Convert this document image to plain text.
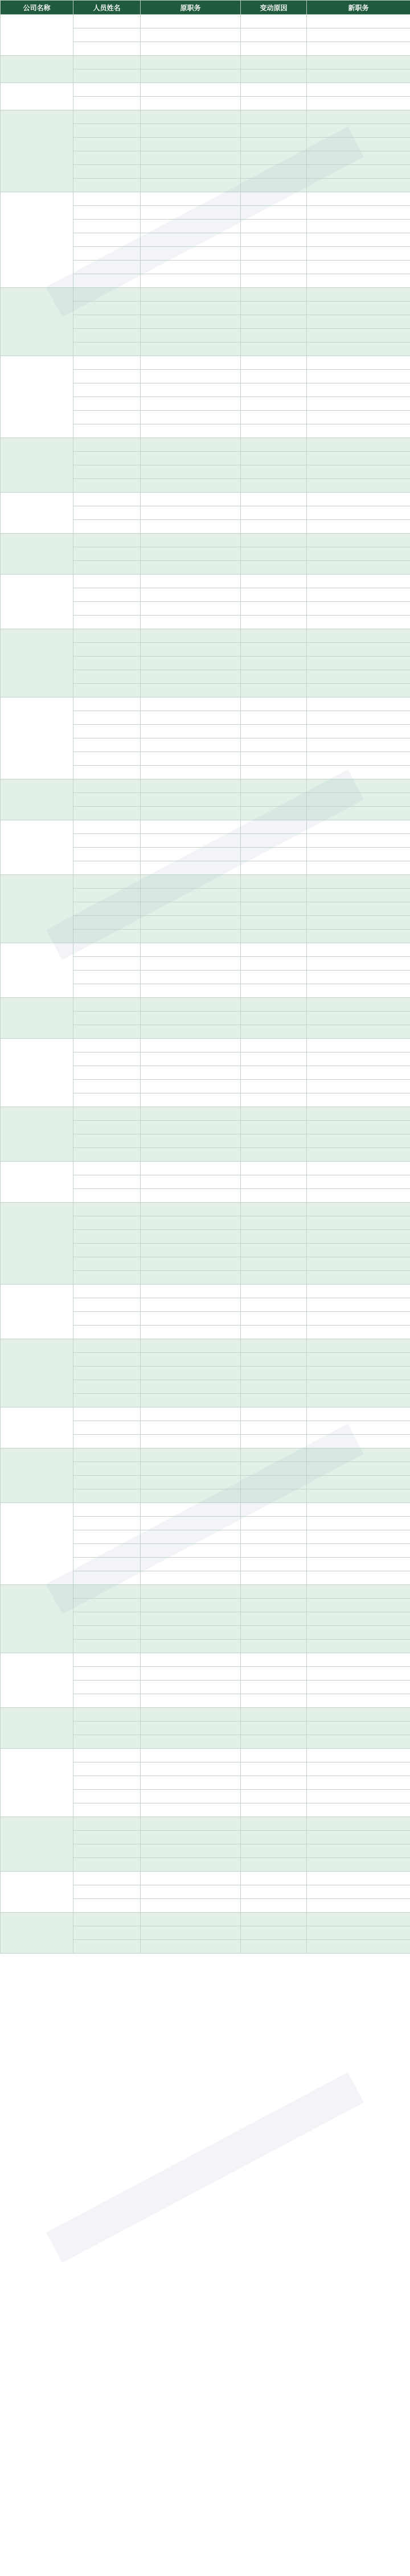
公司名称	人员姓名	原职务	变动原因	新职务
